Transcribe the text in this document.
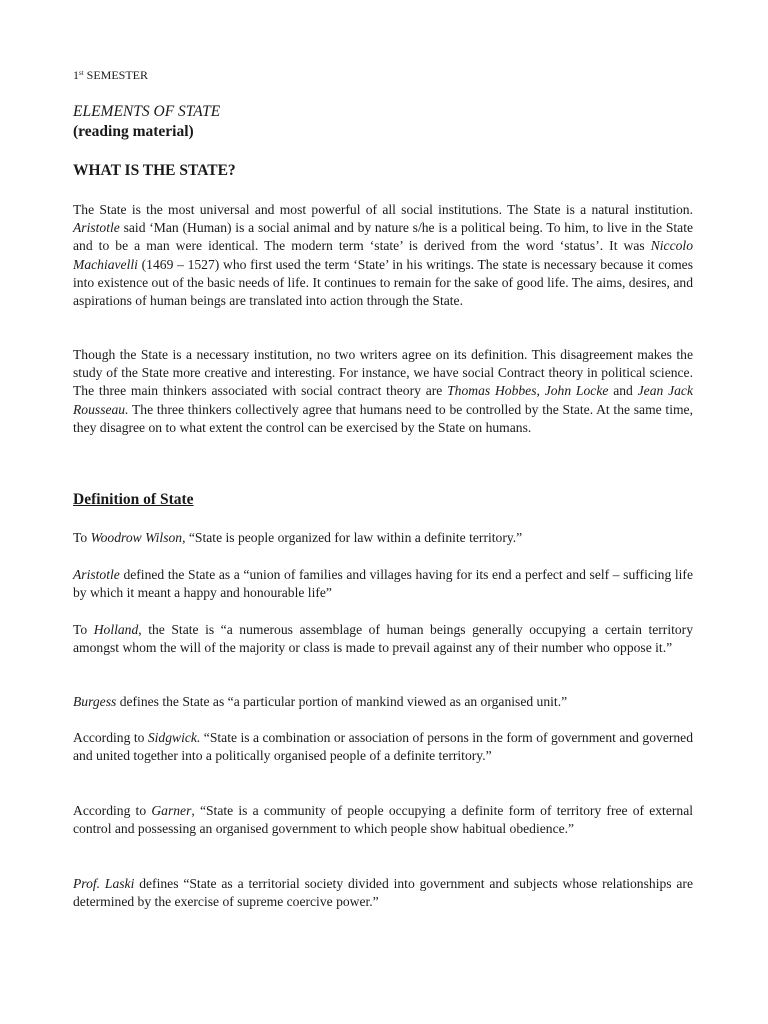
1st SEMESTER
ELEMENTS OF STATE
(reading material)
WHAT IS THE STATE?

The State is the most universal and most powerful of all social institutions. The State is a natural institution. Aristotle said ‘Man (Human) is a social animal and by nature s/he is a political being. To him, to live in the State and to be a man were identical. The modern term ‘state’ is derived from the word ‘status’. It was Niccolo Machiavelli (1469 – 1527) who first used the term ‘State’ in his writings. The state is necessary because it comes into existence out of the basic needs of life. It continues to remain for the sake of good life. The aims, desires, and aspirations of human beings are translated into action through the State.

Though the State is a necessary institution, no two writers agree on its definition. This disagreement makes the study of the State more creative and interesting. For instance, we have social Contract theory in political science. The three main thinkers associated with social contract theory are Thomas Hobbes, John Locke and Jean Jack Rousseau. The three thinkers collectively agree that humans need to be controlled by the State. At the same time, they disagree on to what extent the control can be exercised by the State on humans.

Definition of State

To Woodrow Wilson, “State is people organized for law within a definite territory.”

Aristotle defined the State as a “union of families and villages having for its end a perfect and self – sufficing life by which it meant a happy and honourable life”

To Holland, the State is “a numerous assemblage of human beings generally occupying a certain territory amongst whom the will of the majority or class is made to prevail against any of their number who oppose it.”

Burgess defines the State as “a particular portion of mankind viewed as an organised unit.”

According to Sidgwick. “State is a combination or association of persons in the form of government and governed and united together into a politically organised people of a definite territory.”

According to Garner, “State is a community of people occupying a definite form of territory free of external control and possessing an organised government to which people show habitual obedience.”

Prof. Laski defines “State as a territorial society divided into government and subjects whose relationships are determined by the exercise of supreme coercive power.”
